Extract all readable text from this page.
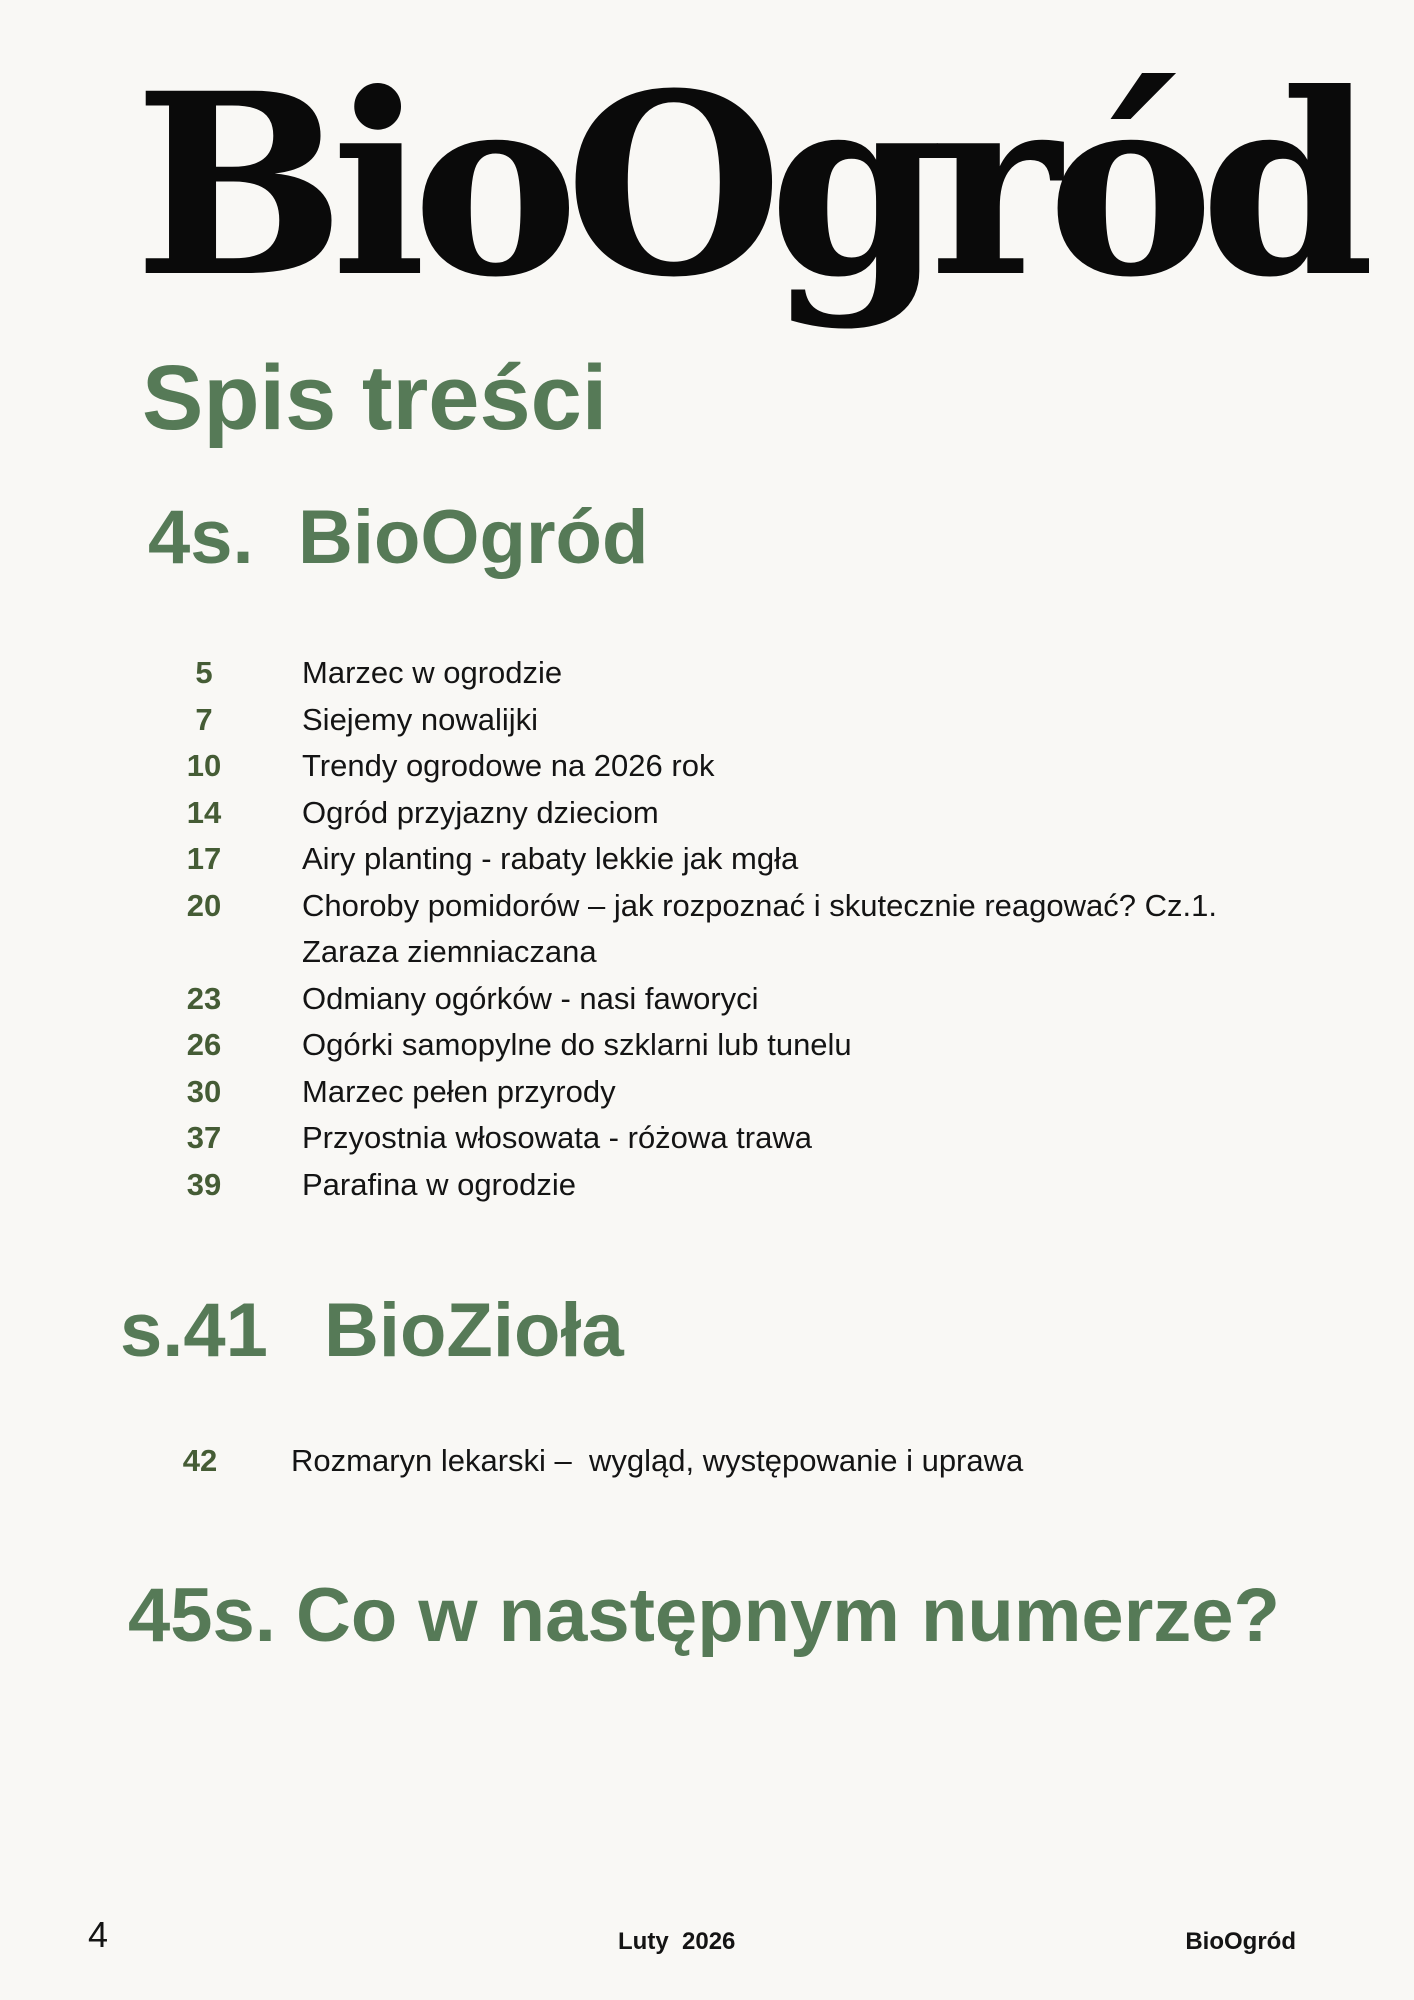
BioOgród
Spis treści
4s. BioOgród
5	Marzec w ogrodzie
7	Siejemy nowalijki
10	Trendy ogrodowe na 2026 rok
14	Ogród przyjazny dzieciom
17	Airy planting - rabaty lekkie jak mgła
20	Choroby pomidorów – jak rozpoznać i skutecznie reagować? Cz.1.
Zaraza ziemniaczana
23	Odmiany ogórków - nasi faworyci
26	Ogórki samopylne do szklarni lub tunelu
30	Marzec pełen przyrody
37	Przyostnia włosowata - różowa trawa
39	Parafina w ogrodzie
s.41 BioZioła
42	Rozmaryn lekarski –  wygląd, występowanie i uprawa
45s. Co w następnym numerze?
4	Luty  2026	BioOgród
